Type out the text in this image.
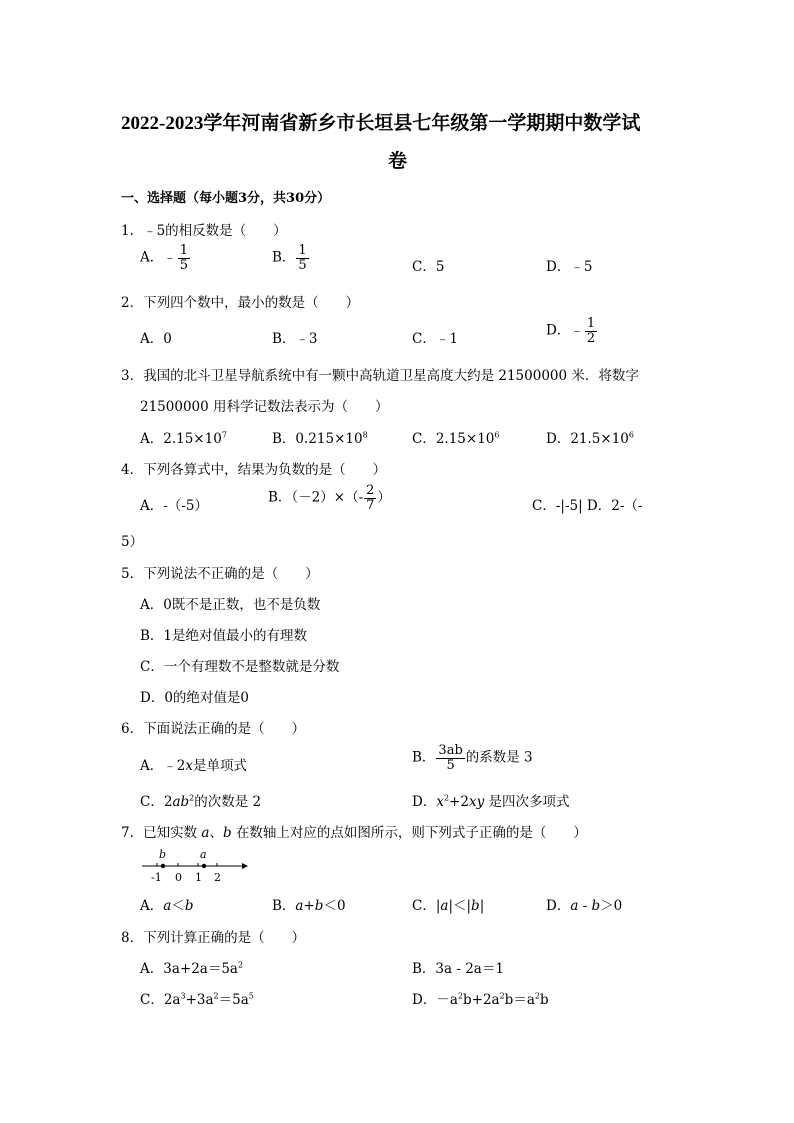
2022-2023学年河南省新乡市长垣县七年级第一学期期中数学试
卷
一、选择题（每小题3分，共30分）
1．﹣5的相反数是（　　）
A．﹣ $\frac{1}{5}$	B． $\frac{1}{5}$	C．5	D．﹣5
2．下列四个数中，最小的数是（　　）
A．0	B．﹣3	C．﹣1
D．﹣ $\frac{1}{2}$
3．我国的北斗卫星导航系统中有一颗中高轨道卫星高度大约是 21500000 米．将数字
21500000 用科学记数法表示为（　　）
A．$2.15\times 10^7$	B．$0.215\times 10^8$	C．$2.15\times 10^6$	D．$21.5\times 10^6$
4．下列各算式中，结果为负数的是（　　）
A．-（-5）
B．$(-2)\times(- \frac{2}{7}$ ）
C．-|-5| D．2-（-
5）
5．下列说法不正确的是（　　）
A．0既不是正数，也不是负数
B．1是绝对值最小的有理数
C．一个有理数不是整数就是分数
D．0的绝对值是0
6．下面说法正确的是（　　）
A．﹣2x是单项式
B． $\frac{3ab}{5}$ 的系数是 3
C．$2ab^2$的次数是 2	D．$x^2+2xy$ 是四次多项式
7．已知实数 a、b 在数轴上对应的点如图所示，则下列式子正确的是（　　）
b	a
-1 0 1 2
A．a＜b	B．a+b＜0	C．|a|＜|b|	D．a - b＞0
8．下列计算正确的是（　　）
A．$3a+2a=5a^2$	B．3a - 2a＝1
C．$2a^3+3a^2=5a^5$	D．$-a^2b+2a^2b=a^2b$
